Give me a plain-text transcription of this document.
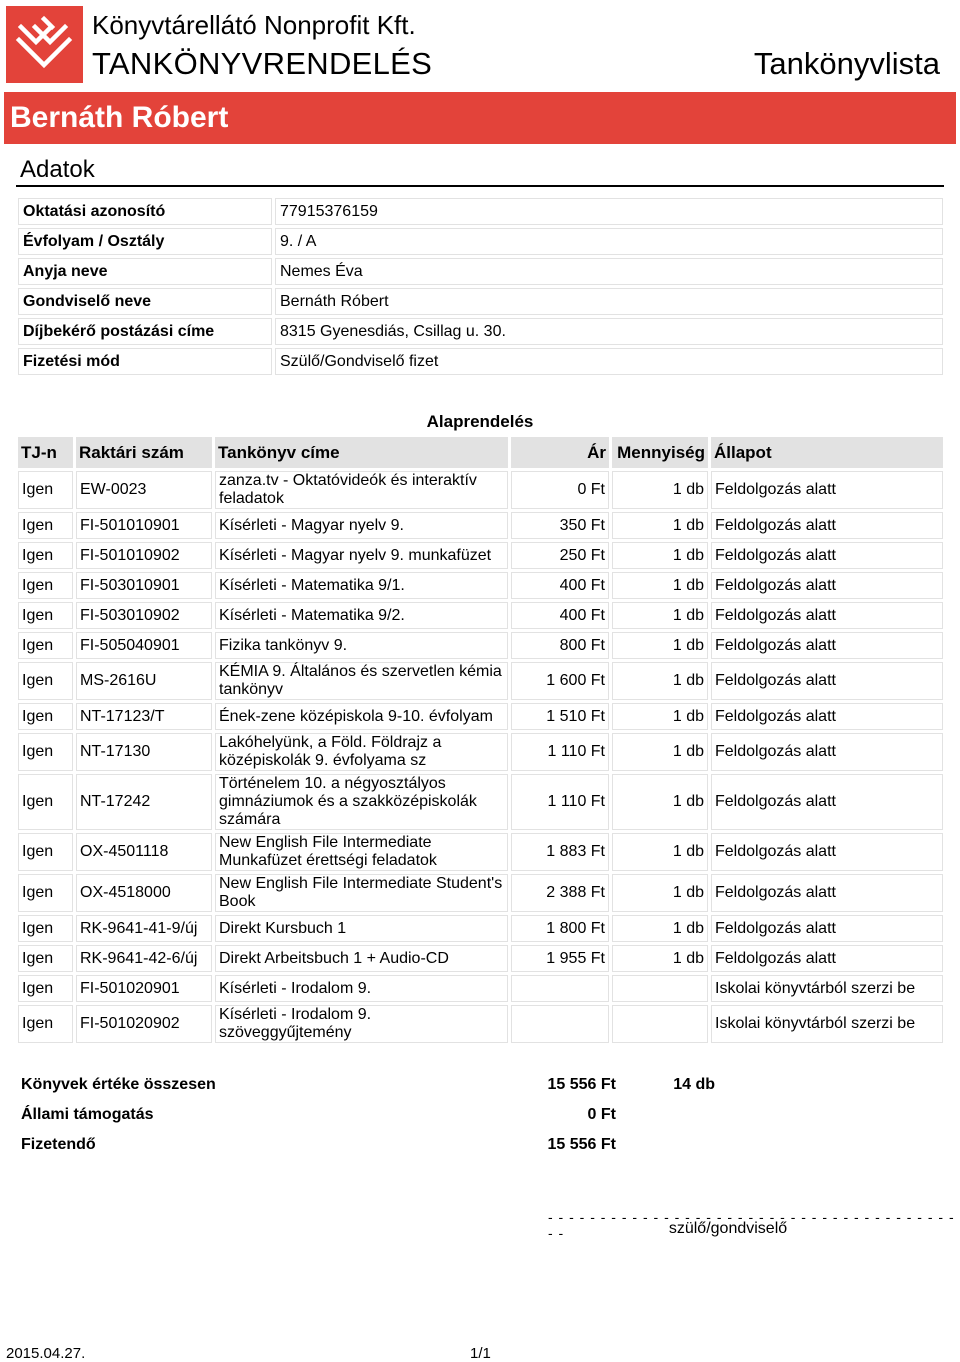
Könyvtárellátó Nonprofit Kft.
TANKÖNYVRENDELÉS	Tankönyvlista
Bernáth Róbert
Adatok
Oktatási azonosító	77915376159
Évfolyam / Osztály	9. / A
Anyja neve	Nemes Éva
Gondviselő neve	Bernáth Róbert
Díjbekérő postázási címe	8315 Gyenesdiás, Csillag u. 30.
Fizetési mód	Szülő/Gondviselő fizet
Alaprendelés
TJ-n	Raktári szám	Tankönyv címe	Ár	Mennyiség	Állapot
Igen	EW-0023	zanza.tv - Oktatóvideók és interaktív feladatok	0 Ft	1 db	Feldolgozás alatt
Igen	FI-501010901	Kísérleti - Magyar nyelv 9.	350 Ft	1 db	Feldolgozás alatt
Igen	FI-501010902	Kísérleti - Magyar nyelv 9. munkafüzet	250 Ft	1 db	Feldolgozás alatt
Igen	FI-503010901	Kísérleti - Matematika 9/1.	400 Ft	1 db	Feldolgozás alatt
Igen	FI-503010902	Kísérleti - Matematika 9/2.	400 Ft	1 db	Feldolgozás alatt
Igen	FI-505040901	Fizika tankönyv 9.	800 Ft	1 db	Feldolgozás alatt
Igen	MS-2616U	KÉMIA 9. Általános és szervetlen kémia tankönyv	1 600 Ft	1 db	Feldolgozás alatt
Igen	NT-17123/T	Ének-zene középiskola 9-10. évfolyam	1 510 Ft	1 db	Feldolgozás alatt
Igen	NT-17130	Lakóhelyünk, a Föld. Földrajz a középiskolák 9. évfolyama sz	1 110 Ft	1 db	Feldolgozás alatt
Igen	NT-17242	Történelem 10. a négyosztályos gimnáziumok és a szakközépiskolák számára	1 110 Ft	1 db	Feldolgozás alatt
Igen	OX-4501118	New English File Intermediate Munkafüzet érettségi feladatok	1 883 Ft	1 db	Feldolgozás alatt
Igen	OX-4518000	New English File Intermediate Student's Book	2 388 Ft	1 db	Feldolgozás alatt
Igen	RK-9641-41-9/új	Direkt Kursbuch 1	1 800 Ft	1 db	Feldolgozás alatt
Igen	RK-9641-42-6/új	Direkt Arbeitsbuch 1 + Audio-CD	1 955 Ft	1 db	Feldolgozás alatt
Igen	FI-501020901	Kísérleti - Irodalom 9.			Iskolai könyvtárból szerzi be
Igen	FI-501020902	Kísérleti - Irodalom 9. szöveggyűjtemény			Iskolai könyvtárból szerzi be
Könyvek értéke összesen	15 556 Ft	14 db	
Állami támogatás	0 Ft		
Fizetendő	15 556 Ft		
- - - - - - - - - - - - - - - - - - - - - - - - - - - - - - - - - - - - - - - - -	szülő/gondviselő
2015.04.27.	1/1
